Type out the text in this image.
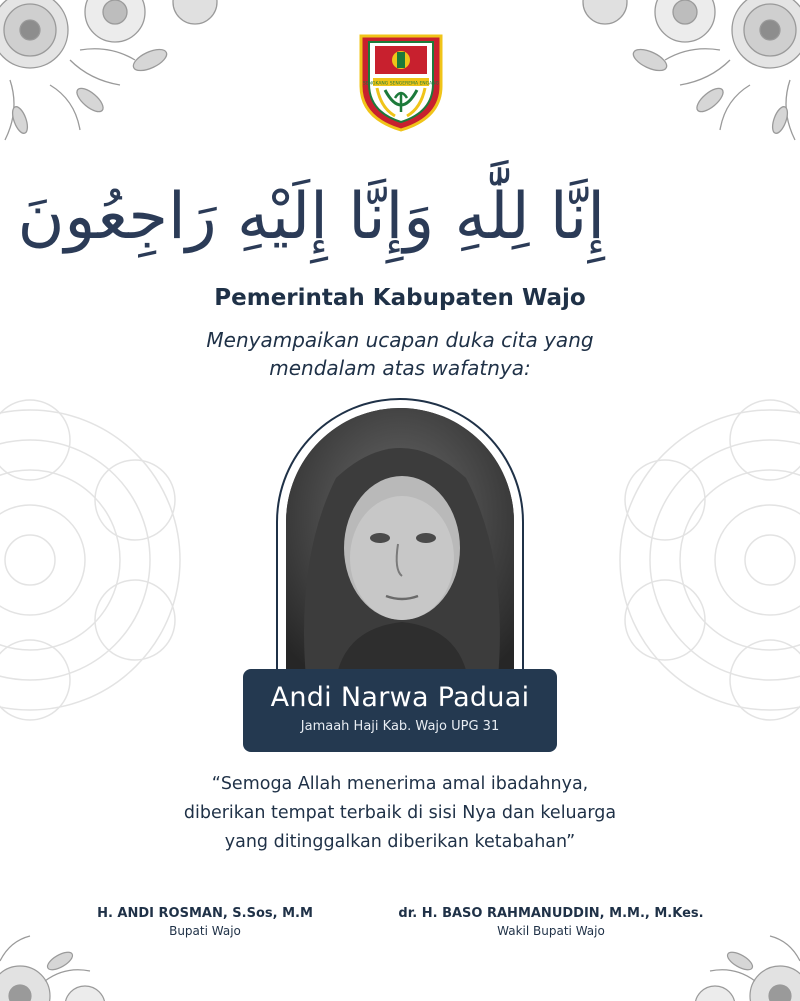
SENGKANG SENGEREMA ENGANG
إِنَّا لِلَّٰهِ وَإِنَّا إِلَيْهِ رَاجِعُونَ
Pemerintah Kabupaten Wajo
Menyampaikan ucapan duka cita yang
mendalam atas wafatnya:
Andi Narwa Paduai
Jamaah Haji Kab. Wajo UPG 31
“Semoga Allah menerima amal ibadahnya,
diberikan tempat terbaik di sisi Nya dan keluarga
yang ditinggalkan diberikan ketabahan”
H. ANDI ROSMAN, S.Sos, M.M
Bupati Wajo
dr. H. BASO RAHMANUDDIN, M.M., M.Kes.
Wakil Bupati Wajo
